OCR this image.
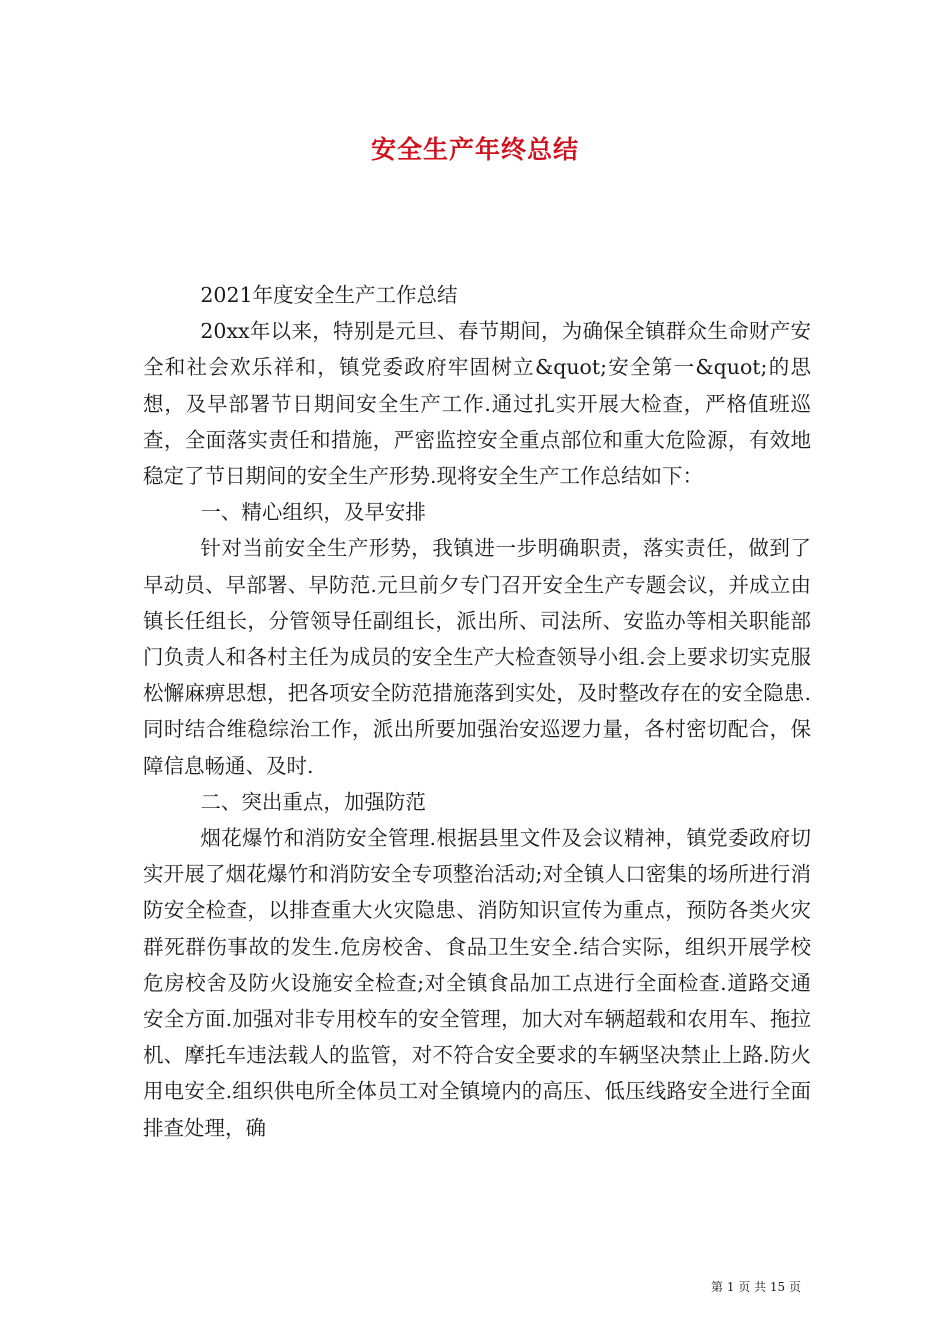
安全生产年终总结

2021年度安全生产工作总结

20xx年以来，特别是元旦、春节期间，为确保全镇群众生命财产安全和社会欢乐祥和，镇党委政府牢固树立&quot;安全第一&quot;的思想，及早部署节日期间安全生产工作.通过扎实开展大检查，严格值班巡查，全面落实责任和措施，严密监控安全重点部位和重大危险源，有效地稳定了节日期间的安全生产形势.现将安全生产工作总结如下：

一、精心组织，及早安排

针对当前安全生产形势，我镇进一步明确职责，落实责任，做到了早动员、早部署、早防范.元旦前夕专门召开安全生产专题会议，并成立由镇长任组长，分管领导任副组长，派出所、司法所、安监办等相关职能部门负责人和各村主任为成员的安全生产大检查领导小组.会上要求切实克服松懈麻痹思想，把各项安全防范措施落到实处，及时整改存在的安全隐患.同时结合维稳综治工作，派出所要加强治安巡逻力量，各村密切配合，保障信息畅通、及时.

二、突出重点，加强防范

烟花爆竹和消防安全管理.根据县里文件及会议精神，镇党委政府切实开展了烟花爆竹和消防安全专项整治活动;对全镇人口密集的场所进行消防安全检查，以排查重大火灾隐患、消防知识宣传为重点，预防各类火灾群死群伤事故的发生.危房校舍、食品卫生安全.结合实际，组织开展学校危房校舍及防火设施安全检查;对全镇食品加工点进行全面检查.道路交通安全方面.加强对非专用校车的安全管理，加大对车辆超载和农用车、拖拉机、摩托车违法载人的监管，对不符合安全要求的车辆坚决禁止上路.防火用电安全.组织供电所全体员工对全镇境内的高压、低压线路安全进行全面排查处理，确

第 1 页 共 15 页
